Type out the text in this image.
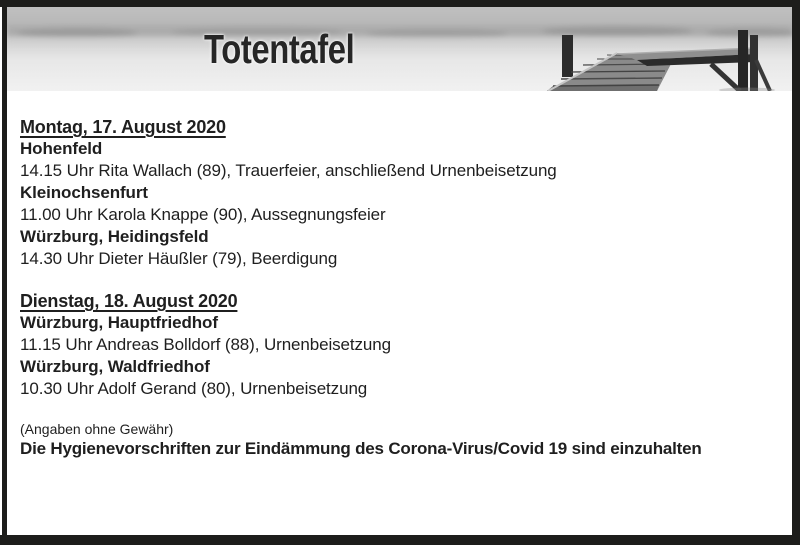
Totentafel
Montag, 17. August 2020

Hohenfeld

14.15 Uhr Rita Wallach (89), Trauerfeier, anschließend Urnenbeisetzung

Kleinochsenfurt

11.00 Uhr Karola Knappe (90), Aussegnungsfeier

Würzburg, Heidingsfeld

14.30 Uhr Dieter Häußler (79), Beerdigung

Dienstag, 18. August 2020

Würzburg, Hauptfriedhof

11.15 Uhr Andreas Bolldorf (88), Urnenbeisetzung

Würzburg, Waldfriedhof

10.30 Uhr Adolf Gerand (80), Urnenbeisetzung

(Angaben ohne Gewähr)

Die Hygienevorschriften zur Eindämmung des Corona-Virus/Covid 19 sind einzuhalten
